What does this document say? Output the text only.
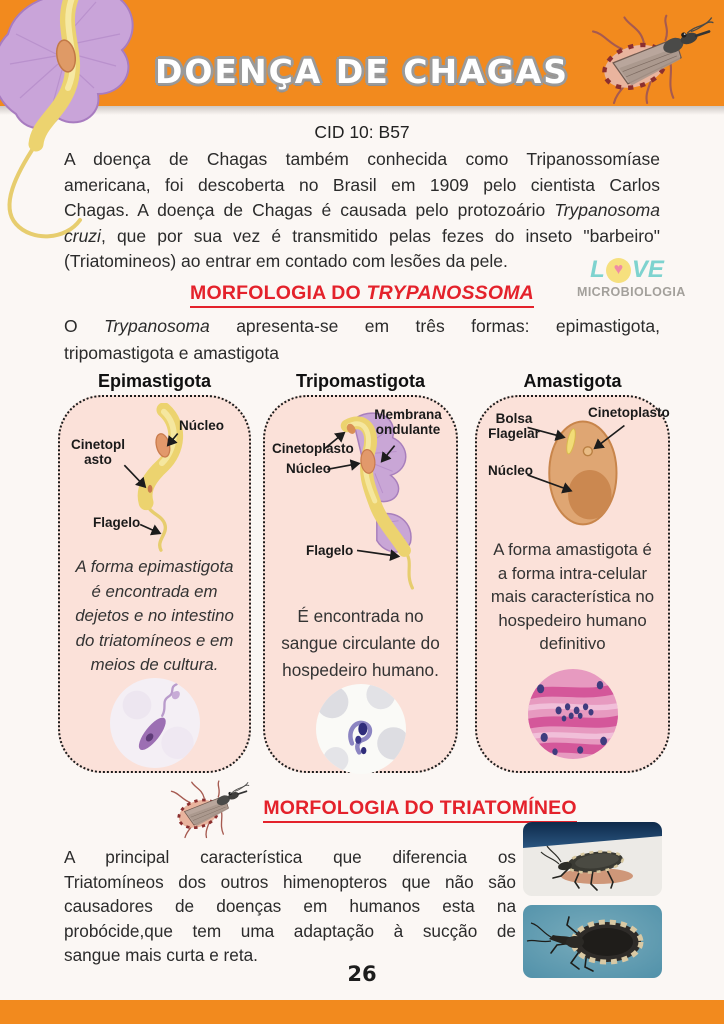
DOENÇA DE CHAGAS
CID 10: B57
A doença de Chagas também conhecida como Tripanossomíase
americana, foi descoberta no Brasil em 1909 pelo cientista Carlos
Chagas. A doença de Chagas é causada pelo protozoário Trypanosoma
cruzi, que por sua vez é transmitido pelas fezes do inseto "barbeiro"
(Triatomineos) ao entrar em contado com lesões da pele.
MORFOLOGIA DO TRYPANOSSOMA
L ♥ VE
MICROBIOLOGIA
O Trypanosoma apresenta-se em três formas: epimastigota,
tripomastigota e amastigota
Epimastigota	Tripomastigota	Amastigota
Núcleo
Cinetopl asto
Flagelo
A forma epimastigota é encontrada em dejetos e no intestino do triatomíneos e em meios de cultura.
Membrana ondulante
Cinetoplasto
Núcleo
Flagelo
É encontrada no sangue circulante do hospedeiro humano.
Bolsa Flagelar
Cinetoplasto
Núcleo
A forma amastigota é a forma intra-celular mais característica no hospedeiro humano definitivo
MORFOLOGIA DO TRIATOMÍNEO
A principal característica que diferencia os
Triatomíneos dos outros himenopteros que não são
causadores de doenças em humanos esta na
probócide,que tem uma adaptação à sucção de
sangue mais curta e reta.
26
